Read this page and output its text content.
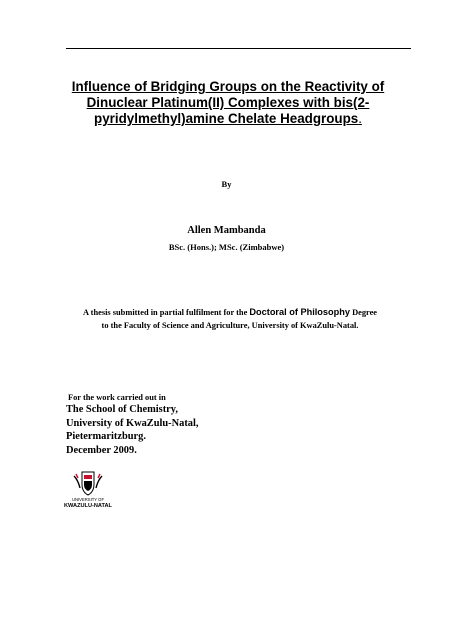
Influence of Bridging Groups on the Reactivity of
Dinuclear Platinum(II) Complexes with bis(2-
pyridylmethyl)amine Chelate Headgroups.
By
Allen Mambanda
BSc. (Hons.); MSc. (Zimbabwe)
A thesis submitted in partial fulfilment for the Doctoral of Philosophy Degree
to the Faculty of Science and Agriculture, University of KwaZulu-Natal.
For the work carried out in
The School of Chemistry,
University of KwaZulu-Natal,
Pietermaritzburg.
December 2009.
UNIVERSITY OF
KWAZULU-NATAL
